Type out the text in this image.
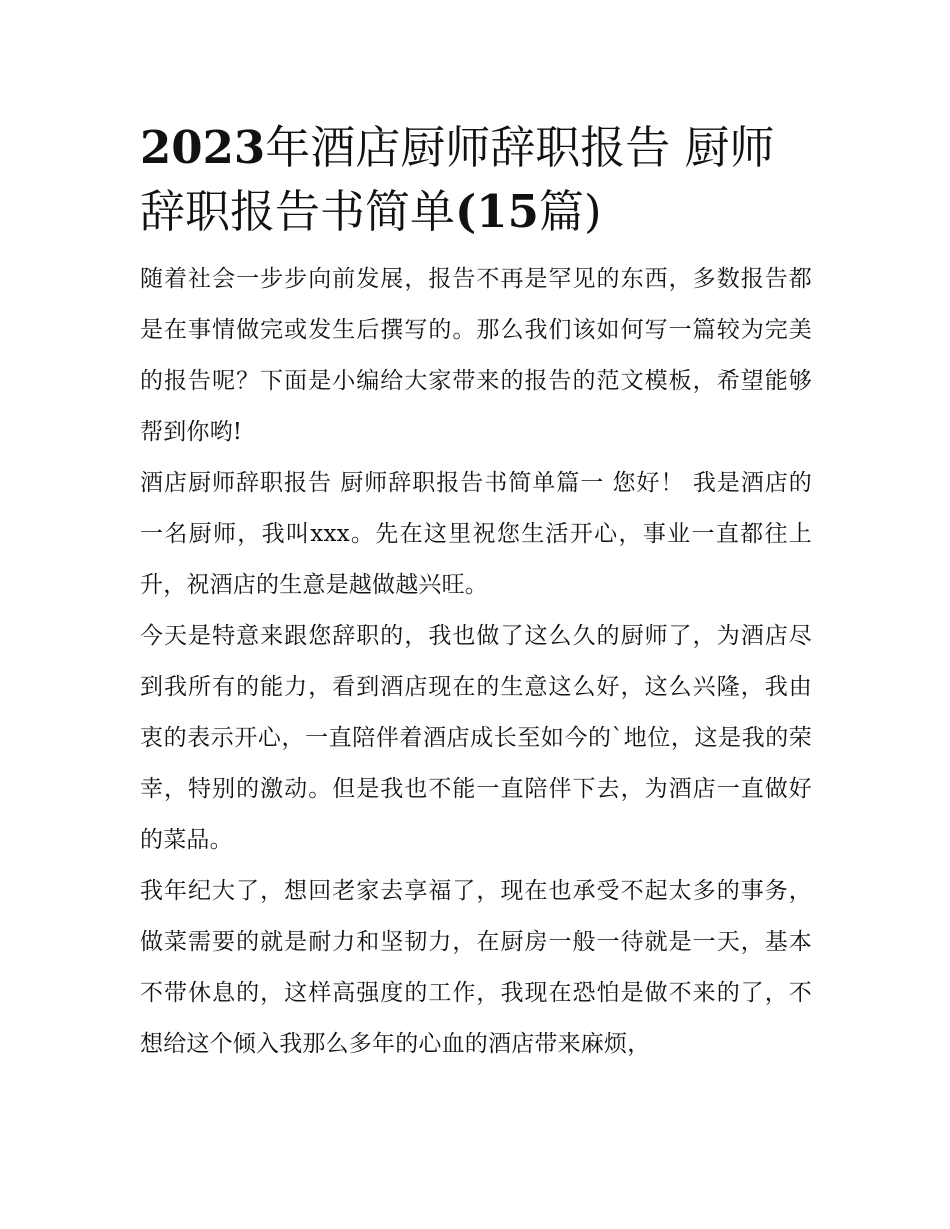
2023年酒店厨师辞职报告 厨师辞职报告书简单(15篇)

随着社会一步步向前发展，报告不再是罕见的东西，多数报告都是在事情做完或发生后撰写的。那么我们该如何写一篇较为完美的报告呢？下面是小编给大家带来的报告的范文模板，希望能够帮到你哟!

酒店厨师辞职报告 厨师辞职报告书简单篇一 您好！ 我是酒店的一名厨师，我叫xxx。先在这里祝您生活开心，事业一直都往上升，祝酒店的生意是越做越兴旺。

今天是特意来跟您辞职的，我也做了这么久的厨师了，为酒店尽到我所有的能力，看到酒店现在的生意这么好，这么兴隆，我由衷的表示开心，一直陪伴着酒店成长至如今的`地位，这是我的荣幸，特别的激动。但是我也不能一直陪伴下去，为酒店一直做好的菜品。

我年纪大了，想回老家去享福了，现在也承受不起太多的事务，做菜需要的就是耐力和坚韧力，在厨房一般一待就是一天，基本不带休息的，这样高强度的工作，我现在恐怕是做不来的了，不想给这个倾入我那么多年的心血的酒店带来麻烦，
